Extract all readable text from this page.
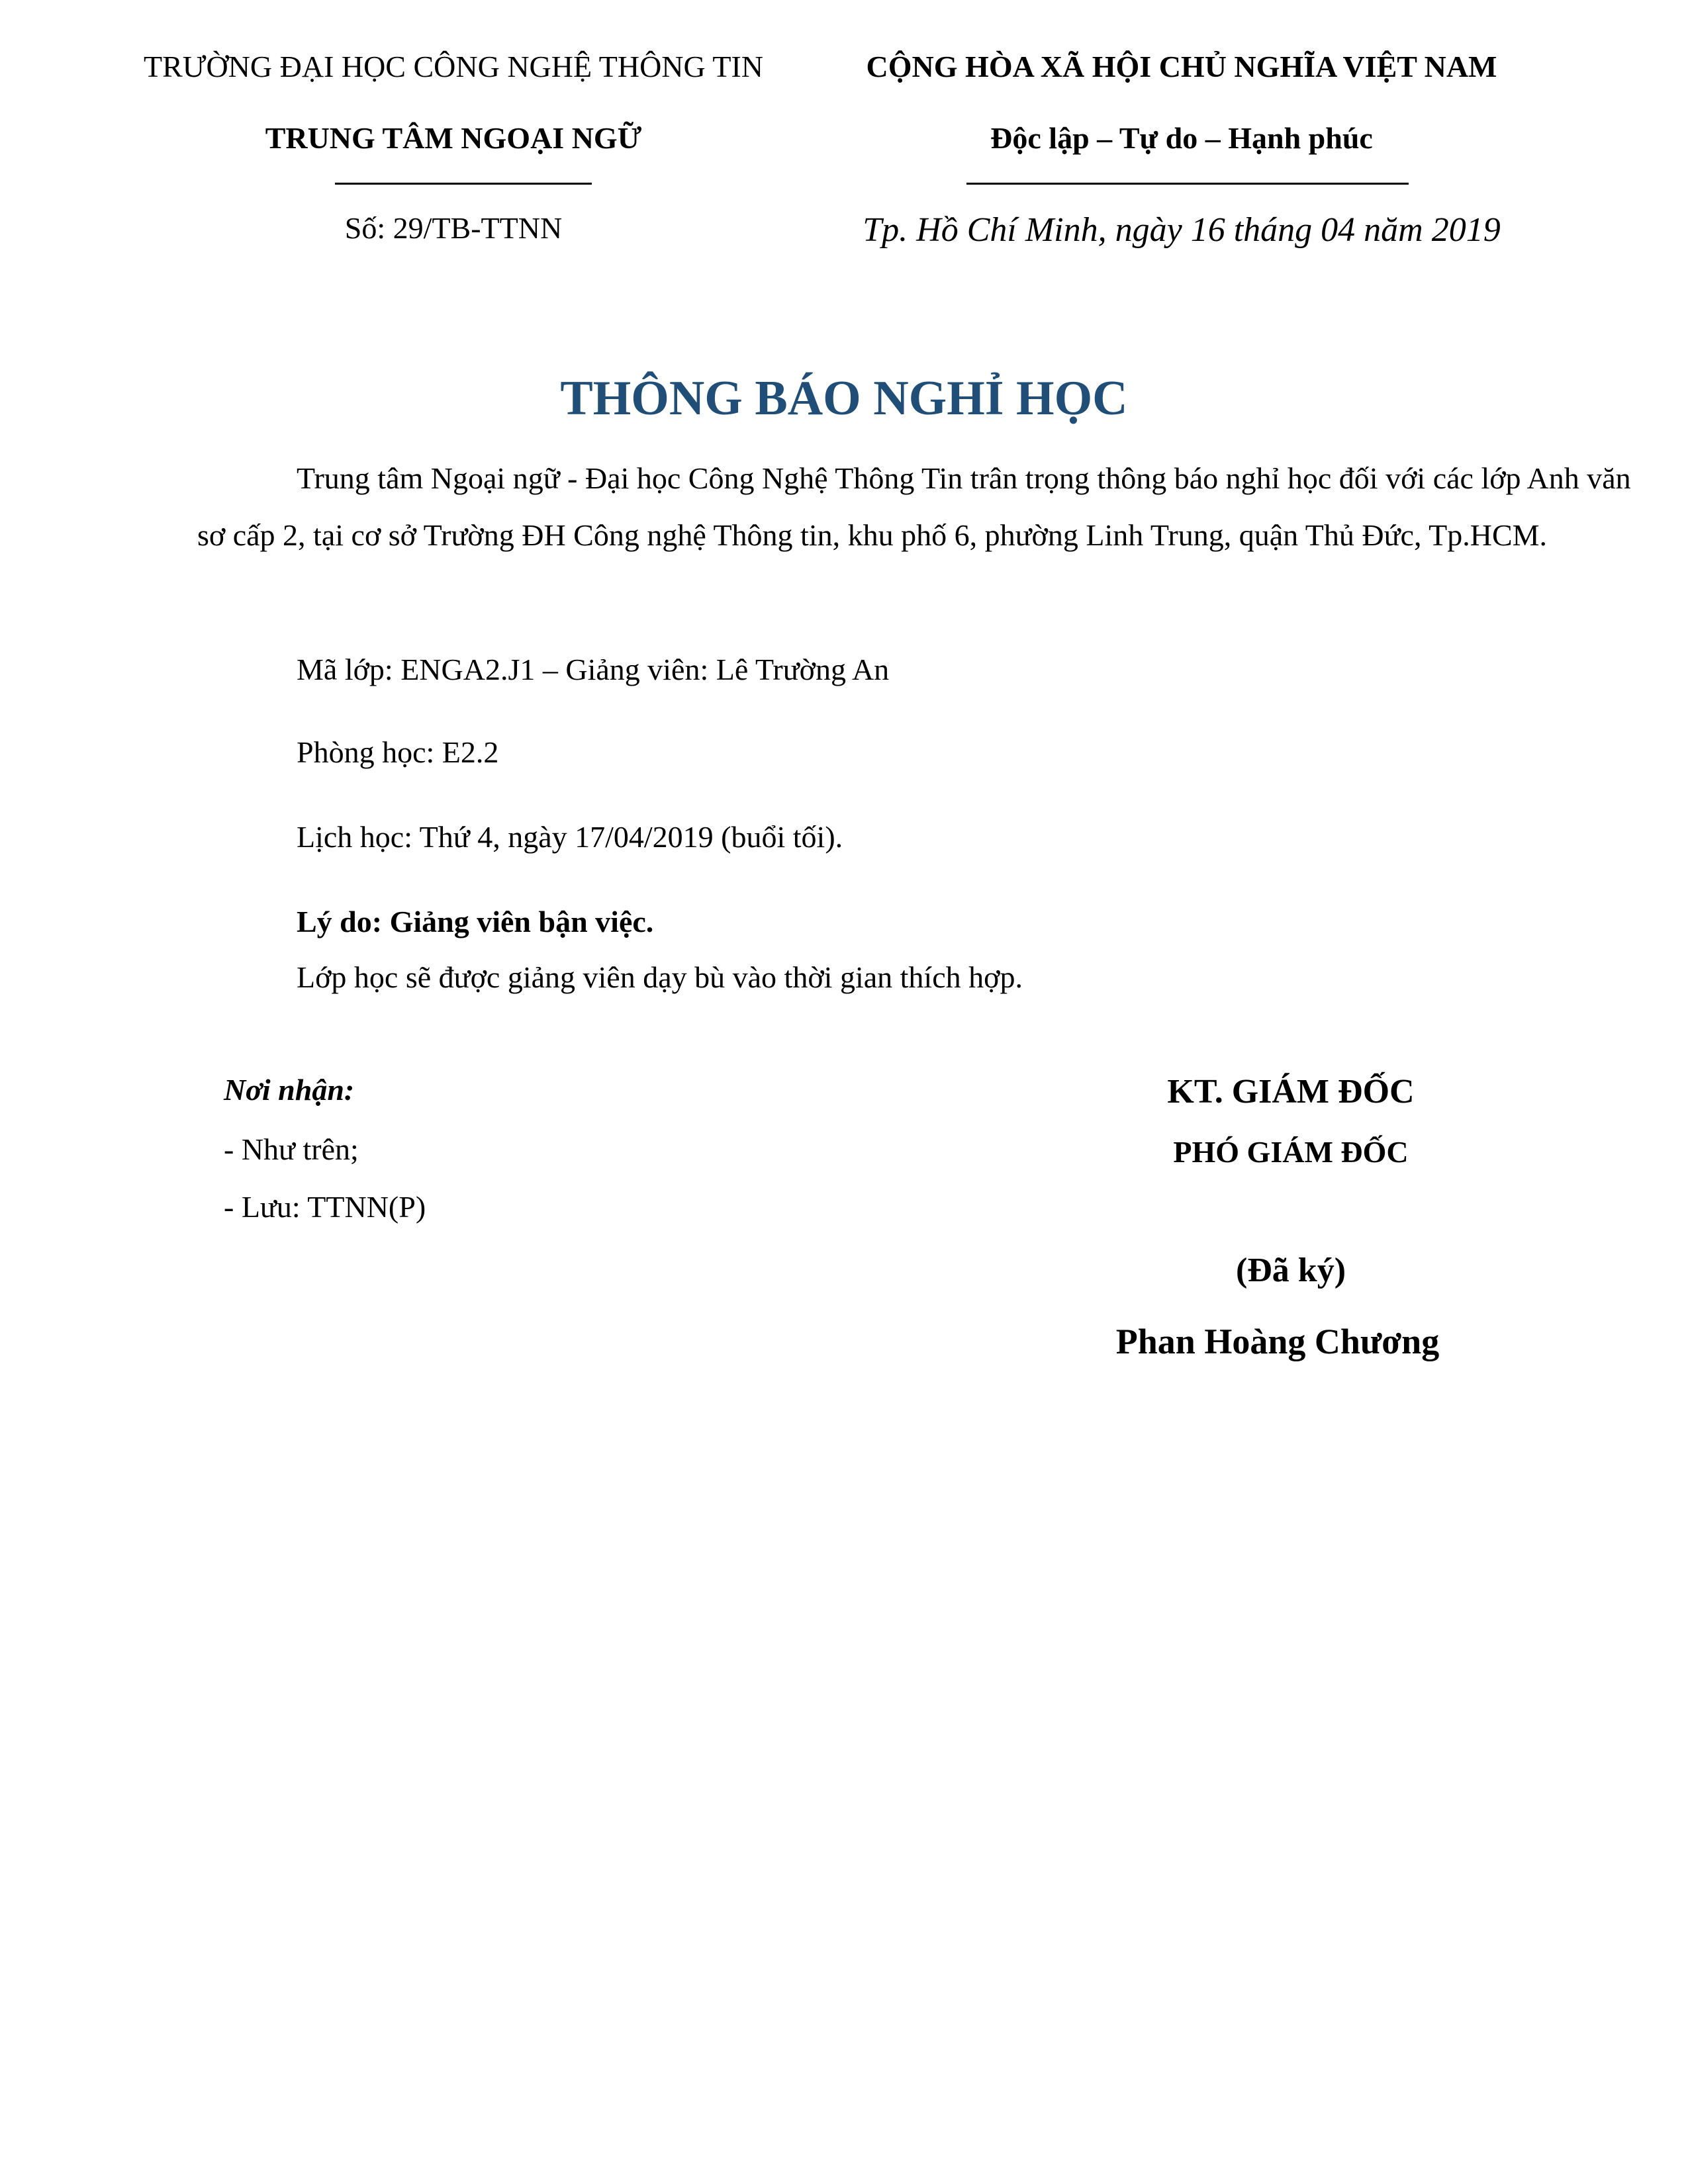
TRƯỜNG ĐẠI HỌC CÔNG NGHỆ THÔNG TIN
TRUNG TÂM NGOẠI NGỮ
Số: 29/TB-TTNN
CỘNG HÒA XÃ HỘI CHỦ NGHĨA VIỆT NAM
Độc lập – Tự do – Hạnh phúc
Tp. Hồ Chí Minh, ngày 16 tháng 04 năm 2019
THÔNG BÁO NGHỈ HỌC
Trung tâm Ngoại ngữ - Đại học Công Nghệ Thông Tin trân trọng thông báo nghỉ học đối với các lớp Anh văn sơ cấp 2, tại cơ sở Trường ĐH Công nghệ Thông tin, khu phố 6, phường Linh Trung, quận Thủ Đức, Tp.HCM.
Mã lớp: ENGA2.J1 – Giảng viên: Lê Trường An
Phòng học: E2.2
Lịch học: Thứ 4, ngày 17/04/2019 (buổi tối).
Lý do: Giảng viên bận việc.
Lớp học sẽ được giảng viên dạy bù vào thời gian thích hợp.
Nơi nhận:
- Như trên;
- Lưu: TTNN(P)
KT. GIÁM ĐỐC
PHÓ GIÁM ĐỐC
(Đã ký)
Phan Hoàng Chương
